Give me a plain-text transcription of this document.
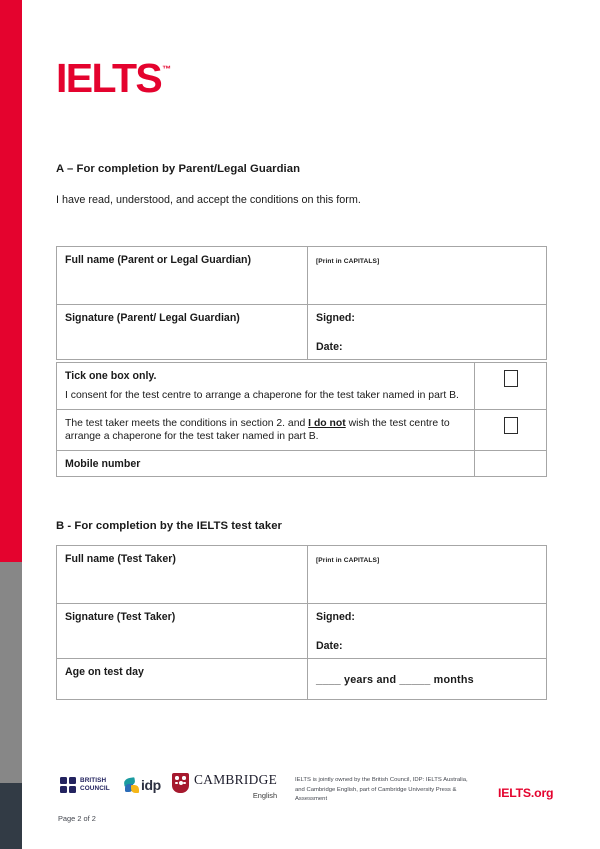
IELTS™
A – For completion by Parent/Legal Guardian
I have read, understood, and accept the conditions on this form.
Full name (Parent or Legal Guardian)	[Print in CAPITALS]
Signature (Parent/ Legal Guardian)	Signed:
Date:
Tick one box only.
I consent for the test centre to arrange a chaperone for the test taker named in part B.	
The test taker meets the conditions in section 2. and I do not wish the test centre to arrange a chaperone for the test taker named in part B.	
Mobile number	
B - For completion by the IELTS test taker
Full name (Test Taker)	[Print in CAPITALS]
Signature (Test Taker)	Signed:
Date:

Age on test day	____ years and _____ months
BRITISH
COUNCIL idp CAMBRIDGE
English
IELTS is jointly owned by the British Council, IDP: IELTS Australia, and Cambridge English, part of Cambridge University Press & Assessment	IELTS.org
Page 2 of 2
